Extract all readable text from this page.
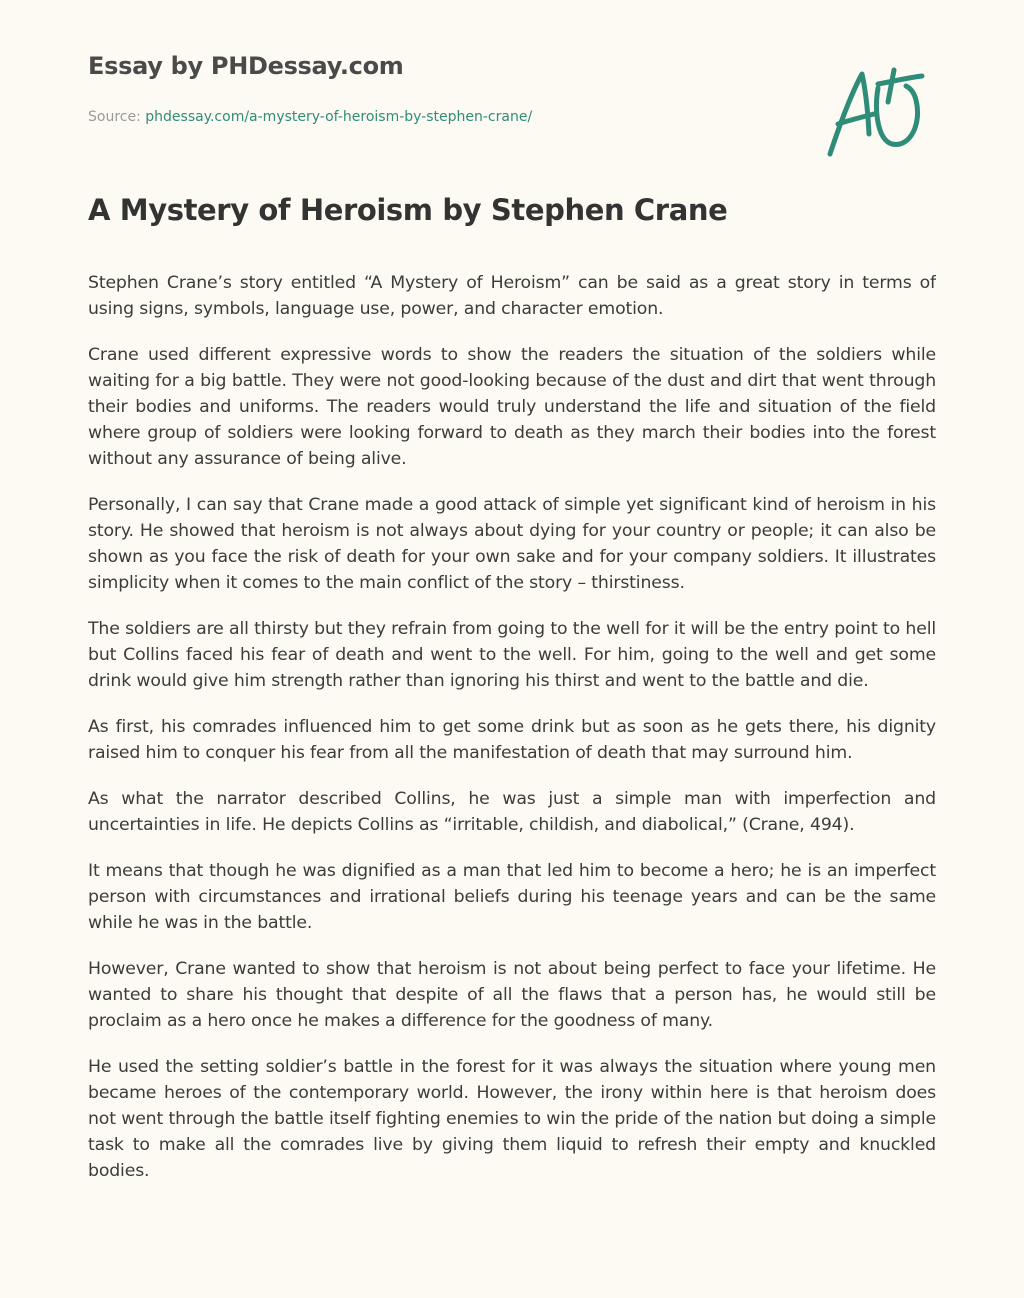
Essay by PHDessay.com
Source: phdessay.com/a-mystery-of-heroism-by-stephen-crane/
A Mystery of Heroism by Stephen Crane

Stephen Crane’s story entitled “A Mystery of Heroism” can be said as a great story in terms of using signs, symbols, language use, power, and character emotion.

Crane used different expressive words to show the readers the situation of the soldiers while waiting for a big battle. They were not good-looking because of the dust and dirt that went through their bodies and uniforms. The readers would truly understand the life and situation of the field where group of soldiers were looking forward to death as they march their bodies into the forest without any assurance of being alive.

Personally, I can say that Crane made a good attack of simple yet significant kind of heroism in his story. He showed that heroism is not always about dying for your country or people; it can also be shown as you face the risk of death for your own sake and for your company soldiers. It illustrates simplicity when it comes to the main conflict of the story – thirstiness.

The soldiers are all thirsty but they refrain from going to the well for it will be the entry point to hell but Collins faced his fear of death and went to the well. For him, going to the well and get some drink would give him strength rather than ignoring his thirst and went to the battle and die.

As first, his comrades influenced him to get some drink but as soon as he gets there, his dignity raised him to conquer his fear from all the manifestation of death that may surround him.

As what the narrator described Collins, he was just a simple man with imperfection and uncertainties in life. He depicts Collins as “irritable, childish, and diabolical,” (Crane, 494).

It means that though he was dignified as a man that led him to become a hero; he is an imperfect person with circumstances and irrational beliefs during his teenage years and can be the same while he was in the battle.

However, Crane wanted to show that heroism is not about being perfect to face your lifetime. He wanted to share his thought that despite of all the flaws that a person has, he would still be proclaim as a hero once he makes a difference for the goodness of many.

He used the setting soldier’s battle in the forest for it was always the situation where young men became heroes of the contemporary world. However, the irony within here is that heroism does not went through the battle itself fighting enemies to win the pride of the nation but doing a simple task to make all the comrades live by giving them liquid to refresh their empty and knuckled bodies.
